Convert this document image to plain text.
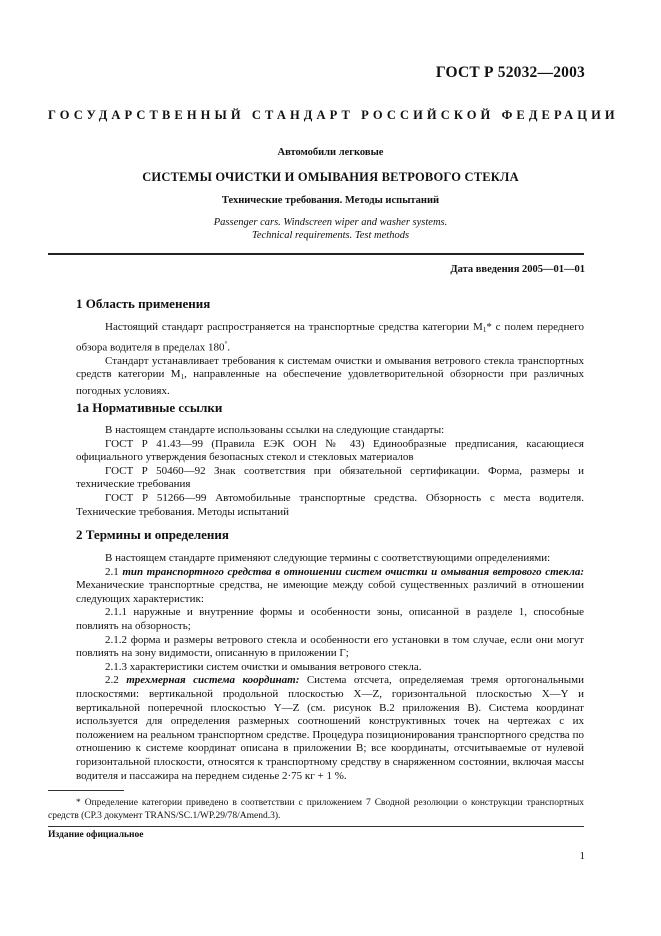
ГОСТ Р 52032—2003
ГОСУДАРСТВЕННЫЙ СТАНДАРТ РОССИЙСКОЙ ФЕДЕРАЦИИ
Автомобили легковые
СИСТЕМЫ ОЧИСТКИ И ОМЫВАНИЯ ВЕТРОВОГО СТЕКЛА
Технические требования. Методы испытаний
Passenger cars. Windscreen wiper and washer systems.
Technical requirements. Test methods
Дата введения 2005—01—01
1 Область применения

Настоящий стандарт распространяется на транспортные средства категории $M_1*$ с полем переднего обзора водителя в пределах 180°.

Стандарт устанавливает требования к системам очистки и омывания ветрового стекла транспортных средств категории $M_1$, направленные на обеспечение удовлетворительной обзорности при различных погодных условиях.

1a Нормативные ссылки

В настоящем стандарте использованы ссылки на следующие стандарты:

ГОСТ Р 41.43—99 (Правила ЕЭК ООН № 43) Единообразные предписания, касающиеся официального утверждения безопасных стекол и стекловых материалов

ГОСТ Р 50460—92 Знак соответствия при обязательной сертификации. Форма, размеры и технические требования

ГОСТ Р 51266—99 Автомобильные транспортные средства. Обзорность с места водителя. Технические требования. Методы испытаний

2 Термины и определения

В настоящем стандарте применяют следующие термины с соответствующими определениями:

2.1 тип транспортного средства в отношении систем очистки и омывания ветрового стекла: Механические транспортные средства, не имеющие между собой существенных различий в отношении следующих характеристик:

2.1.1 наружные и внутренние формы и особенности зоны, описанной в разделе 1, способные повлиять на обзорность;

2.1.2 форма и размеры ветрового стекла и особенности его установки в том случае, если они могут повлиять на зону видимости, описанную в приложении Г;

2.1.3 характеристики систем очистки и омывания ветрового стекла.

2.2 трехмерная система координат: Система отсчета, определяемая тремя ортогональными плоскостями: вертикальной продольной плоскостью X—Z, горизонтальной плоскостью X—Y и вертикальной поперечной плоскостью Y—Z (см. рисунок В.2 приложения В). Система координат используется для определения размерных соотношений конструктивных точек на чертежах с их положением на реальном транспортном средстве. Процедура позиционирования транспортного средства по отношению к системе координат описана в приложении В; все координаты, отсчитываемые от нулевой горизонтальной плоскости, относятся к транспортному средству в снаряженном состоянии, включая массы водителя и пассажира на переднем сиденье 2·75 кг + 1 %.

* Определение категории приведено в соответствии с приложением 7 Сводной резолюции о конструкции транспортных средств (СР.3 документ TRANS/SC.1/WP.29/78/Amend.3).
Издание официальное
1
